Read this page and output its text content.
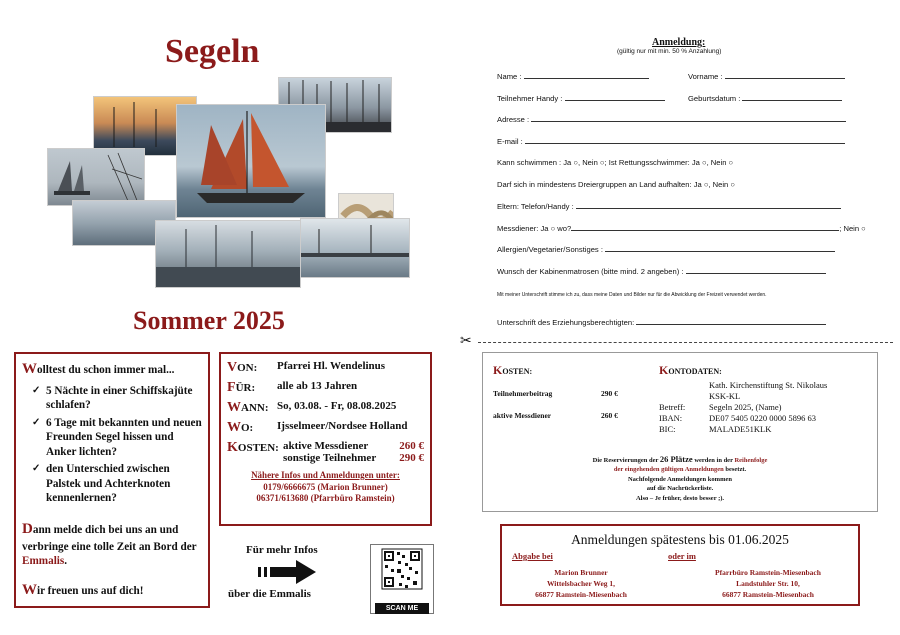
Segeln
Sommer 2025
Wolltest du schon immer mal...
✓ 5 Nächte in einer Schiffskajüte schlafen?
✓ 6 Tage mit bekannten und neuen Freunden Segel hissen und Anker lichten?
✓ den Unterschied zwischen Palstek und Achterknoten kennenlernen?
Dann melde dich bei uns an und verbringe eine tolle Zeit an Bord der Emmalis.
Wir freuen uns auf dich!
VON:	Pfarrei Hl. Wendelinus
FÜR:	alle ab 13 Jahren
WANN: So, 03.08. - Fr, 08.08.2025
WO:	Ijsselmeer/Nordsee Holland
KOSTEN: aktive Messdiener	260 €
sonstige Teilnehmer 290 €
Nähere Infos und Anmeldungen unter:
0179/6666675 (Marion Brunner)
06371/613680 (Pfarrbüro Ramstein)
Für mehr Infos
über die Emmalis
SCAN ME
Anmeldung:
(gültig nur mit min. 50 % Anzahlung)
Name :	Vorname :
Teilnehmer Handy :	Geburtsdatum :
Adresse :
E-mail :
Kann schwimmen : Ja ○, Nein ○; Ist Rettungsschwimmer: Ja ○, Nein ○
Darf sich in mindestens Dreiergruppen an Land aufhalten: Ja ○, Nein ○
Eltern: Telefon/Handy :
Messdiener: Ja ○ wo?	; Nein ○
Allergien/Vegetarier/Sonstiges :
Wunsch der Kabinenmatrosen (bitte mind. 2 angeben) :
Mit meiner Unterschrift stimme ich zu, dass meine Daten und Bilder nur für die Abwicklung der Freizeit verwendet werden.
Unterschrift des Erziehungsberechtigten:
✂
KOSTEN:
Teilnehmerbeitrag	290 €
aktive Messdiener	260 €
KONTODATEN:
Kath. Kirchenstiftung St. Nikolaus
KSK-KL
Betreff:	Segeln 2025, (Name)
IBAN:	DE07 5405 0220 0000 5896 63
BIC:	MALADE51KLK
Die Reservierungen der 26 Plätze werden in der Reihenfolge
der eingehenden gültigen Anmeldungen besetzt.
Nachfolgende Anmeldungen kommen
auf die Nachrückerliste.
Also – Je früher, desto besser ;).
Anmeldungen spätestens bis 01.06.2025
Abgabe bei	oder im
Marion Brunner
Wittelsbacher Weg 1,
66877 Ramstein-Miesenbach
Pfarrbüro Ramstein-Miesenbach
Landstuhler Str. 10,
66877 Ramstein-Miesenbach
